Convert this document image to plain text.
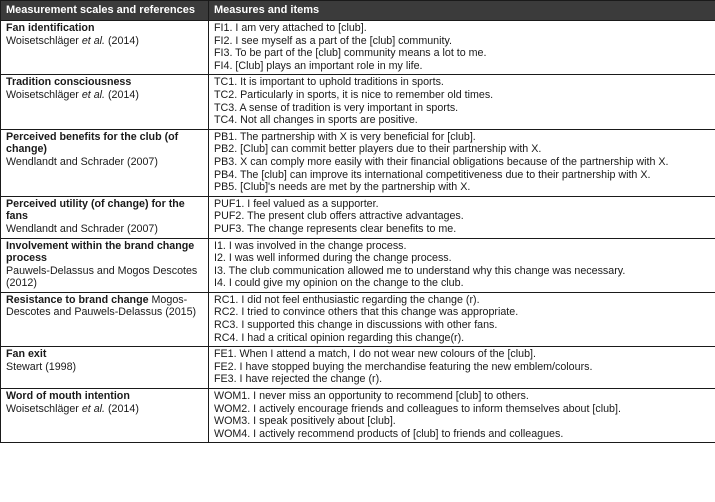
Measurement scales and references	Measures and items

Fan identification
Woisetschläger et al. (2014)	FI1. I am very attached to [club].
FI2. I see myself as a part of the [club] community.
FI3. To be part of the [club] community means a lot to me.
FI4. [Club] plays an important role in my life.

Tradition consciousness
Woisetschläger et al. (2014)	TC1. It is important to uphold traditions in sports.
TC2. Particularly in sports, it is nice to remember old times.
TC3. A sense of tradition is very important in sports.
TC4. Not all changes in sports are positive.

Perceived benefits for the club (of change)
Wendlandt and Schrader (2007)	PB1. The partnership with X is very beneficial for [club].
PB2. [Club] can commit better players due to their partnership with X.
PB3. X can comply more easily with their financial obligations because of the partnership with X.
PB4. The [club] can improve its international competitiveness due to their partnership with X.
PB5. [Club]'s needs are met by the partnership with X.

Perceived utility (of change) for the fans
Wendlandt and Schrader (2007)	PUF1. I feel valued as a supporter.
PUF2. The present club offers attractive advantages.
PUF3. The change represents clear benefits to me.

Involvement within the brand change process
Pauwels-Delassus and Mogos Descotes (2012)	I1. I was involved in the change process.
I2. I was well informed during the change process.
I3. The club communication allowed me to understand why this change was necessary.
I4. I could give my opinion on the change to the club.

Resistance to brand change Mogos-Descotes and Pauwels-Delassus (2015)	RC1. I did not feel enthusiastic regarding the change (r).
RC2. I tried to convince others that this change was appropriate.
RC3. I supported this change in discussions with other fans.
RC4. I had a critical opinion regarding this change(r).

Fan exit
Stewart (1998)	FE1. When I attend a match, I do not wear new colours of the [club].
FE2. I have stopped buying the merchandise featuring the new emblem/colours.
FE3. I have rejected the change (r).

Word of mouth intention
Woisetschläger et al. (2014)	WOM1. I never miss an opportunity to recommend [club] to others.
WOM2. I actively encourage friends and colleagues to inform themselves about [club].
WOM3. I speak positively about [club].
WOM4. I actively recommend products of [club] to friends and colleagues.
